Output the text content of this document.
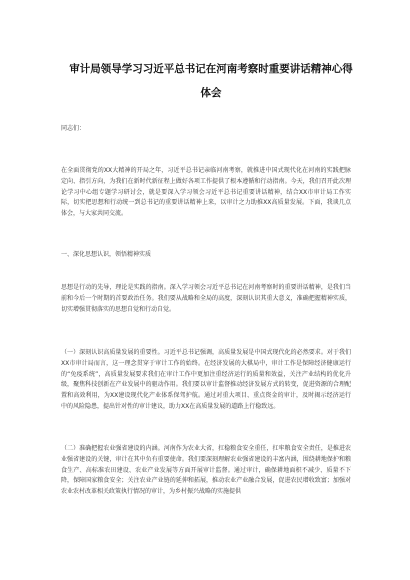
审计局领导学习习近平总书记在河南考察时重要讲话精神心得体会

同志们：

在全面贯彻党的XX大精神的开局之年，习近平总书记亲临河南考察，就推进中国式现代化在河南的实践把脉定向、指引方向，为我们在新时代新征程上做好各项工作提供了根本遵循和行动指南。今天，我们召开此次理论学习中心组专题学习研讨会，就是要深入学习领会习近平总书记重要讲话精神，结合XX市审计局工作实际，切实把思想和行动统一到总书记的重要讲话精神上来，以审计之力助推XX高质量发展。下面，我谈几点体会，与大家共同交流。

一、深化思想认识，领悟精神实质

思想是行动的先导，理论是实践的指南。深入学习领会习近平总书记在河南考察时的重要讲话精神，是我们当前和今后一个时期的首要政治任务。我们要从战略和全局的高度，深刻认识其重大意义，准确把握精神实质，切实增强贯彻落实的思想自觉和行动自觉。

（一）深刻认识高质量发展的重要性。习近平总书记强调，高质量发展是中国式现代化的必然要求。对于我们XX市审计局而言，这一理念贯穿于审计工作的始终。在经济发展的大棋局中，审计工作是保障经济健康运行的“免疫系统”，高质量发展要求我们在审计工作中更加注重经济运行的质量和效益，关注产业结构的优化升级，聚焦科技创新在产业发展中的驱动作用。我们要以审计监督推动经济发展方式的转变，促进资源的合理配置和高效利用，为XX建设现代化产业体系保驾护航。通过对重大项目、重点资金的审计，及时揭示经济运行中的风险隐患，提出针对性的审计建议，助力XX在高质量发展的道路上行稳致远。

（二）准确把握农业强省建设的内涵。河南作为农业大省，扛稳粮食安全重任，扛牢粮食安全责任，是推进农业强省建设的关键，审计在其中负有重要使命。我们要深刻理解农业强省建设的丰富内涵，围绕耕地保护和粮食生产、高标准农田建设、农业产业发展等方面开展审计监督。通过审计，确保耕地面积不减少、质量不下降，保障国家粮食安全；关注农业产业链的延伸和拓展，推动农业产业融合发展，促进农民增收致富；加强对农业农村改革相关政策执行情况的审计，为乡村振兴战略的实施提供
